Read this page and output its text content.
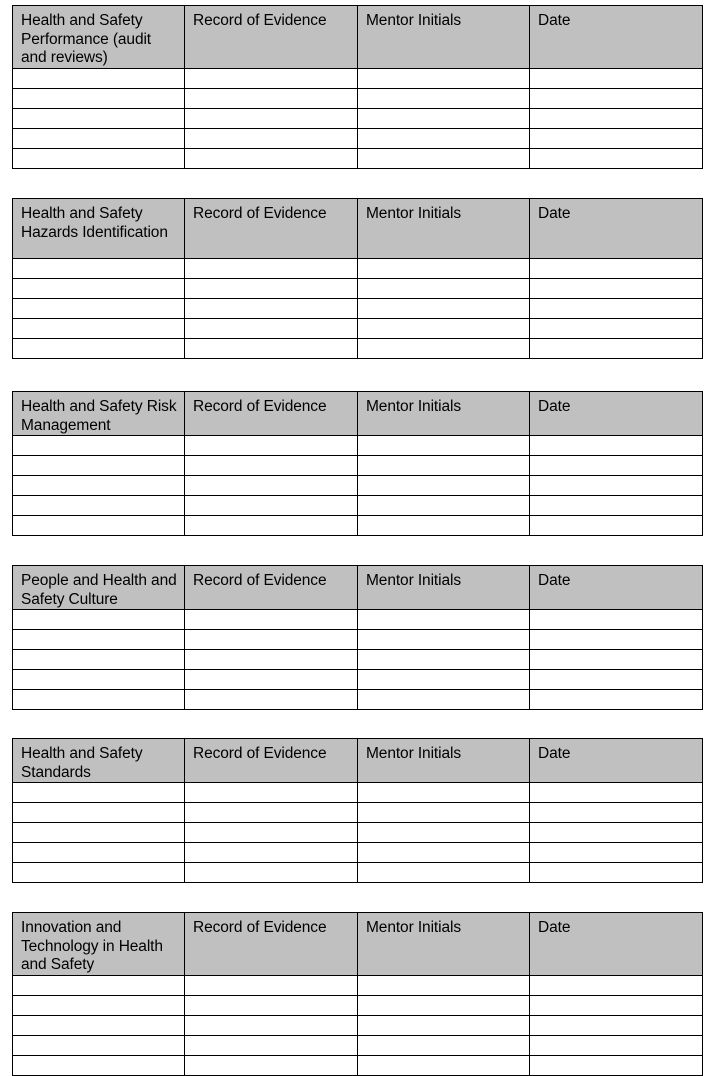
Health and Safety Performance (audit and reviews)	Record of Evidence	Mentor Initials	Date

Health and Safety Hazards Identification	Record of Evidence	Mentor Initials	Date

Health and Safety Risk Management	Record of Evidence	Mentor Initials	Date

People and Health and Safety Culture	Record of Evidence	Mentor Initials	Date

Health and Safety Standards	Record of Evidence	Mentor Initials	Date

Innovation and Technology in Health and Safety	Record of Evidence	Mentor Initials	Date
